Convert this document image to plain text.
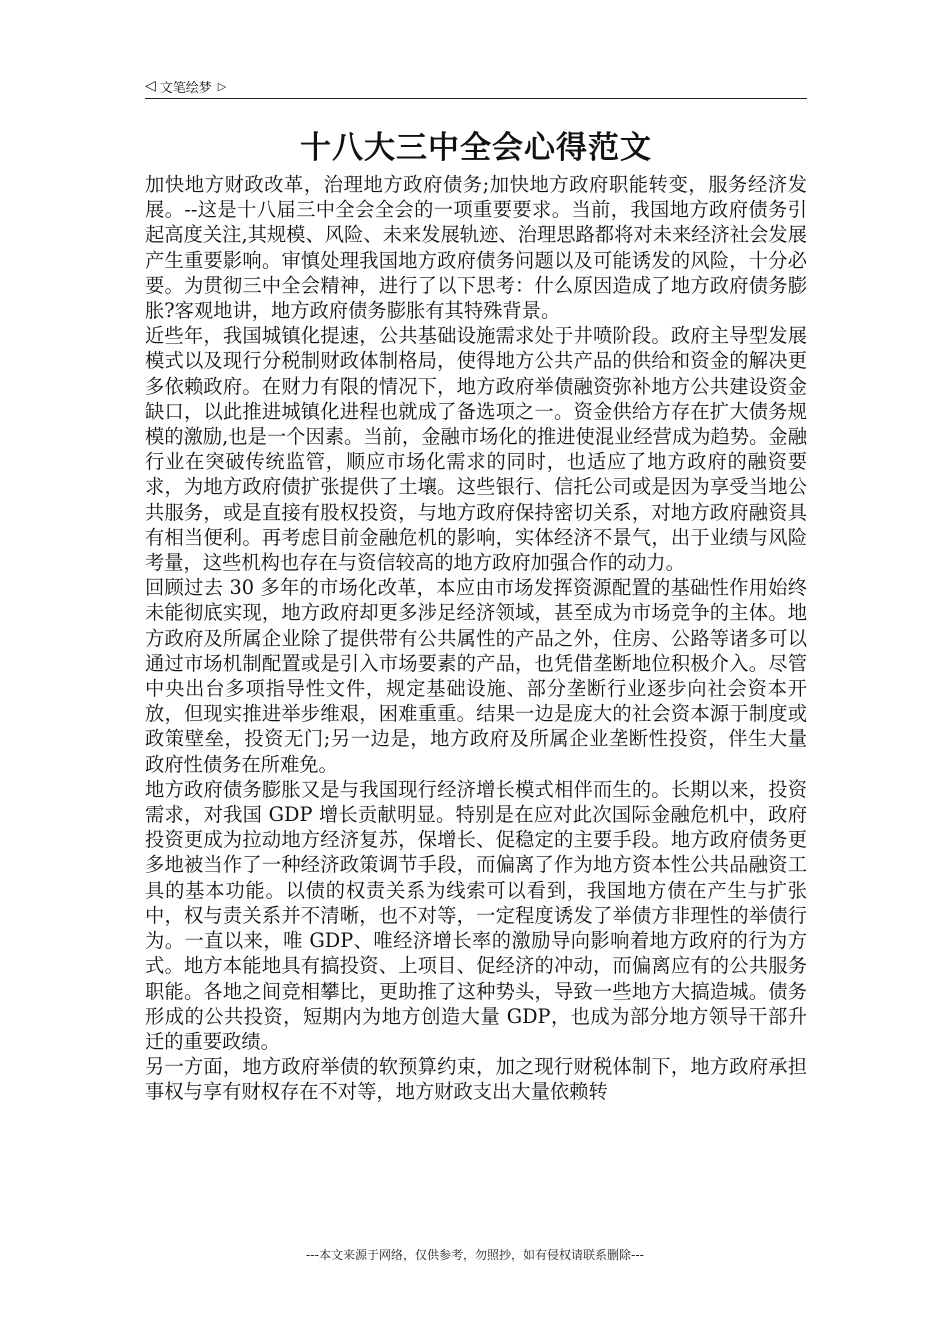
◁ 文笔绘梦 ▷
十八大三中全会心得范文

加快地方财政改革，治理地方政府债务;加快地方政府职能转变，服务经济发展。--这是十八届三中全会全会的一项重要要求。当前，我国地方政府债务引起高度关注,其规模、风险、未来发展轨迹、治理思路都将对未来经济社会发展产生重要影响。审慎处理我国地方政府债务问题以及可能诱发的风险，十分必要。为贯彻三中全会精神，进行了以下思考：什么原因造成了地方政府债务膨胀?客观地讲，地方政府债务膨胀有其特殊背景。

近些年，我国城镇化提速，公共基础设施需求处于井喷阶段。政府主导型发展模式以及现行分税制财政体制格局，使得地方公共产品的供给和资金的解决更多依赖政府。在财力有限的情况下，地方政府举债融资弥补地方公共建设资金缺口，以此推进城镇化进程也就成了备选项之一。资金供给方存在扩大债务规模的激励,也是一个因素。当前，金融市场化的推进使混业经营成为趋势。金融行业在突破传统监管，顺应市场化需求的同时，也适应了地方政府的融资要求，为地方政府债扩张提供了土壤。这些银行、信托公司或是因为享受当地公共服务，或是直接有股权投资，与地方政府保持密切关系，对地方政府融资具有相当便利。再考虑目前金融危机的影响，实体经济不景气，出于业绩与风险考量，这些机构也存在与资信较高的地方政府加强合作的动力。

回顾过去 30 多年的市场化改革，本应由市场发挥资源配置的基础性作用始终未能彻底实现，地方政府却更多涉足经济领域，甚至成为市场竞争的主体。地方政府及所属企业除了提供带有公共属性的产品之外，住房、公路等诸多可以通过市场机制配置或是引入市场要素的产品，也凭借垄断地位积极介入。尽管中央出台多项指导性文件，规定基础设施、部分垄断行业逐步向社会资本开放，但现实推进举步维艰，困难重重。结果一边是庞大的社会资本源于制度或政策壁垒，投资无门;另一边是，地方政府及所属企业垄断性投资，伴生大量政府性债务在所难免。

地方政府债务膨胀又是与我国现行经济增长模式相伴而生的。长期以来，投资需求，对我国 GDP 增长贡献明显。特别是在应对此次国际金融危机中，政府投资更成为拉动地方经济复苏，保增长、促稳定的主要手段。地方政府债务更多地被当作了一种经济政策调节手段，而偏离了作为地方资本性公共品融资工具的基本功能。以债的权责关系为线索可以看到，我国地方债在产生与扩张中，权与责关系并不清晰，也不对等，一定程度诱发了举债方非理性的举债行为。一直以来，唯 GDP、唯经济增长率的激励导向影响着地方政府的行为方式。地方本能地具有搞投资、上项目、促经济的冲动，而偏离应有的公共服务职能。各地之间竞相攀比，更助推了这种势头，导致一些地方大搞造城。债务形成的公共投资，短期内为地方创造大量 GDP，也成为部分地方领导干部升迁的重要政绩。

另一方面，地方政府举债的软预算约束，加之现行财税体制下，地方政府承担事权与享有财权存在不对等，地方财政支出大量依赖转

---本文来源于网络，仅供参考，勿照抄，如有侵权请联系删除---
